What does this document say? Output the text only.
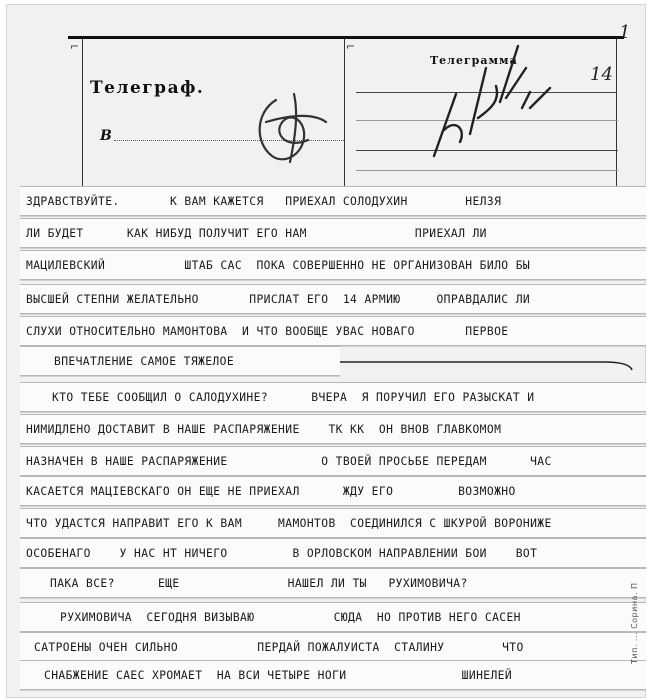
1
⌐	⌐
Телеграф.
Телеграмма
В
14

ЗДРАВСТВУЙТЕ.       К ВАМ КАЖЕТСЯ   ПРИЕХАЛ СОЛОДУХИН        НЕЛЗЯ

ЛИ БУДЕТ      КАК НИБУД ПОЛУЧИТ ЕГО НАМ               ПРИЕХАЛ ЛИ

МАЦИЛЕВСКИЙ           ШТАБ САС  ПОКА СОВЕРШЕННО НЕ ОРГАНИЗОВАН БИЛО БЫ

ВЫСШЕЙ СТЕПНИ ЖЕЛАТЕЛЬНО       ПРИСЛАТ ЕГО  14 АРМИЮ     ОПРАВДАЛИС ЛИ

СЛУХИ ОТНОСИТЕЛЬНО МАМОНТОВА  И ЧТО ВООБЩЕ УВАС НОВАГО       ПЕРВОЕ

ВПЕЧАТЛЕНИЕ САМОЕ ТЯЖЕЛОЕ

КТО ТЕБЕ СООБЩИЛ О САЛОДУХИНЕ?      ВЧЕРА  Я ПОРУЧИЛ ЕГО РАЗЫСКАТ И

НИМИДЛЕНО ДОСТАВИТ В НАШЕ РАСПАРЯЖЕНИЕ    ТК КК  ОН ВНОВ ГЛАВКОМОМ

НАЗНАЧЕН В НАШЕ РАСПАРЯЖЕНИЕ             О ТВОЕЙ ПРОСЬБЕ ПЕРЕДАМ      ЧАС

КАСАЕТСЯ МАЦІЕВСКАГО ОН ЕЩЕ НЕ ПРИЕХАЛ      ЖДУ ЕГО         ВОЗМОЖНО

ЧТО УДАСТСЯ НАПРАВИТ ЕГО К ВАМ     МАМОНТОВ  СОЕДИНИЛСЯ С ШКУРОЙ ВОРОНИЖЕ

ОСОБЕНАГО    У НАС НТ НИЧЕГО         В ОРЛОВСКОМ НАПРАВЛЕНИИ БОИ    ВОТ

ПАКА ВСЕ?      ЕЩЕ               НАШЕЛ ЛИ ТЫ   РУХИМОВИЧА?

РУХИМОВИЧА  СЕГОДНЯ ВИЗЫВАЮ           СЮДА  НО ПРОТИВ НЕГО САСЕН

САТРОЕНЫ ОЧЕН СИЛЬНО           ПЕРДАЙ ПОЖАЛУИСТА  СТАЛИНУ        ЧТО

СНАБЖЕНИЕ САЕС ХРОМАЕТ  НА ВСИ ЧЕТЫРЕ НОГИ                ШИНЕЛЕЙ

Тип. ... Сорина. П
